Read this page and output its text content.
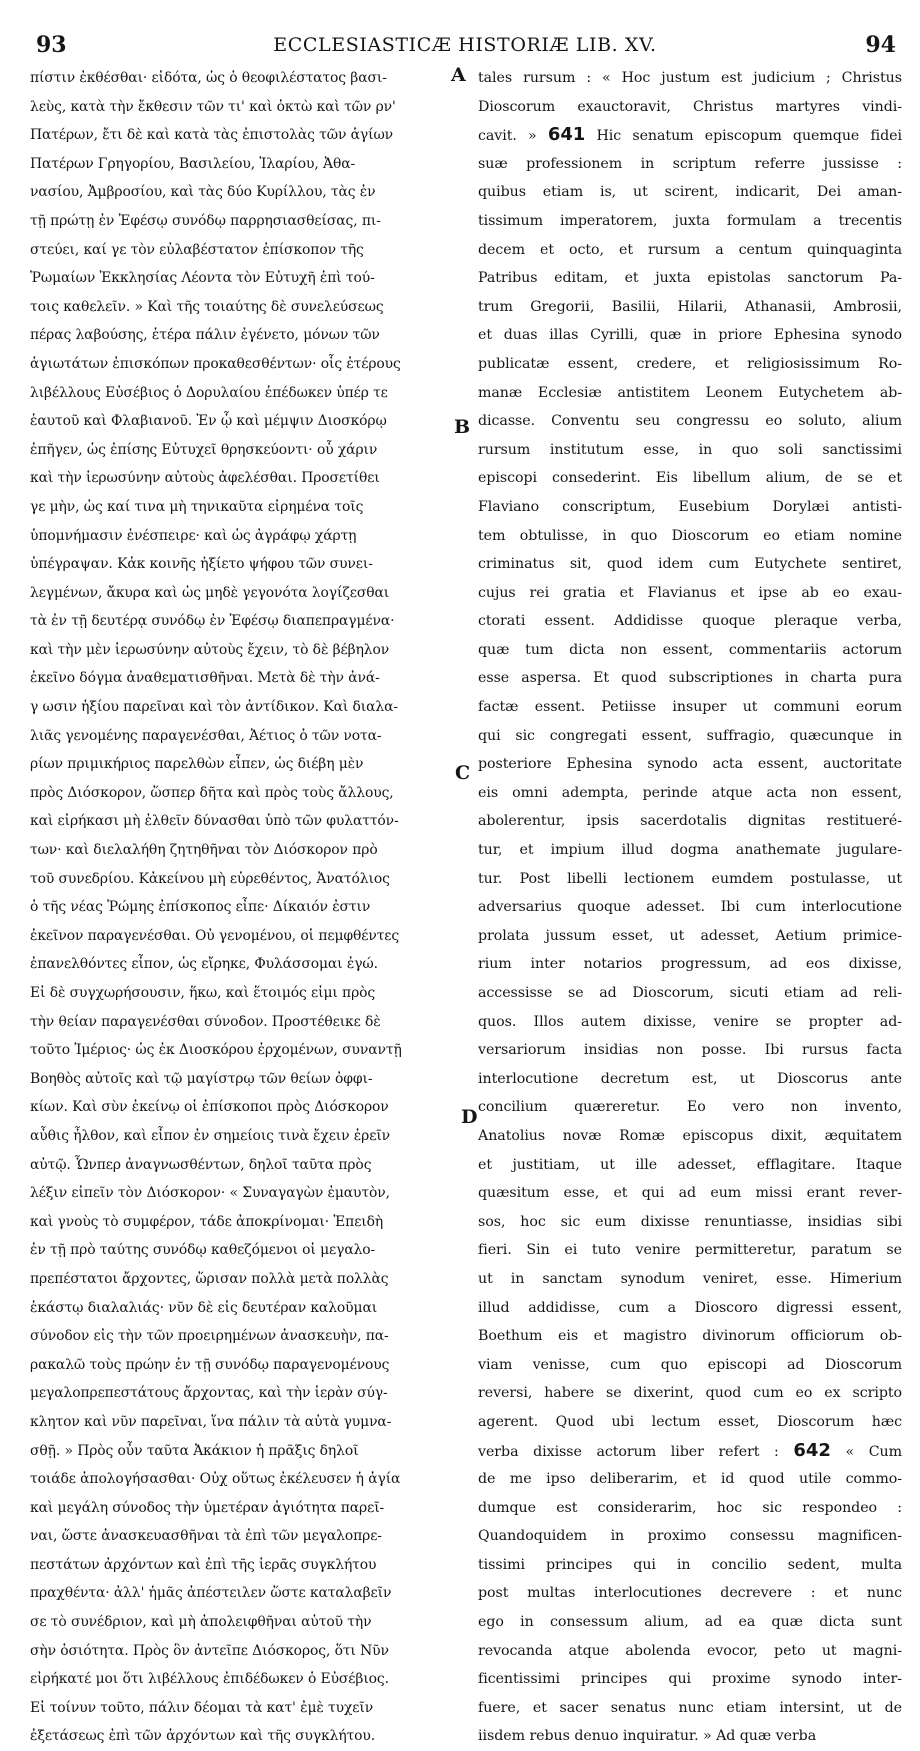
93	ECCLESIASTICÆ HISTORIÆ LIB. XV.	94
πίστιν ἐκθέσθαι· εἰδότα, ὡς ὁ θεοφιλέστατος βασι-
λεὺς, κατὰ τὴν ἔκθεσιν τῶν τι' καὶ ὀκτὼ καὶ τῶν ρν'
Πατέρων, ἔτι δὲ καὶ κατὰ τὰς ἐπιστολὰς τῶν ἁγίων
Πατέρων Γρηγορίου, Βασιλείου, Ἱλαρίου, Ἀθα-
νασίου, Ἀμβροσίου, καὶ τὰς δύο Κυρίλλου, τὰς ἐν
τῇ πρώτῃ ἐν Ἐφέσῳ συνόδῳ παρρησιασθείσας, πι-
στεύει, καί γε τὸν εὐλαβέστατον ἐπίσκοπον τῆς
Ῥωμαίων Ἐκκλησίας Λέοντα τὸν Εὐτυχῆ ἐπὶ τού-
τοις καθελεῖν. » Καὶ τῆς τοιαύτης δὲ συνελεύσεως
πέρας λαβούσης, ἑτέρα πάλιν ἐγένετο, μόνων τῶν
ἁγιωτάτων ἐπισκόπων προκαθεσθέντων· οἷς ἑτέρους
λιβέλλους Εὐσέβιος ὁ Δορυλαίου ἐπέδωκεν ὑπέρ τε
ἑαυτοῦ καὶ Φλαβιανοῦ. Ἐν ᾧ καὶ μέμψιν Διοσκόρῳ
ἐπῆγεν, ὡς ἐπίσης Εὐτυχεῖ θρησκεύοντι· οὗ χάριν
καὶ τὴν ἱερωσύνην αὐτοὺς ἀφελέσθαι. Προσετίθει
γε μὴν, ὡς καί τινα μὴ τηνικαῦτα εἰρημένα τοῖς
ὑπομνήμασιν ἐνέσπειρε· καὶ ὡς ἀγράφῳ χάρτῃ
ὑπέγραψαν. Κἀκ κοινῆς ἠξίετο ψήφου τῶν συνει-
λεγμένων, ἄκυρα καὶ ὡς μηδὲ γεγονότα λογίζεσθαι
τὰ ἐν τῇ δευτέρᾳ συνόδῳ ἐν Ἐφέσῳ διαπεπραγμένα·
καὶ τὴν μὲν ἱερωσύνην αὐτοὺς ἔχειν, τὸ δὲ βέβηλον
ἐκεῖνο δόγμα ἀναθεματισθῆναι. Μετὰ δὲ τὴν ἀνά-
γ ωσιν ἠξίου παρεῖναι καὶ τὸν ἀντίδικον. Καὶ διαλα-
λιᾶς γενομένης παραγενέσθαι, Ἀέτιος ὁ τῶν νοτα-
ρίων πριμικήριος παρελθὼν εἶπεν, ὡς διέβη μὲν
πρὸς Διόσκορον, ὥσπερ δῆτα καὶ πρὸς τοὺς ἄλλους,
καὶ εἰρήκασι μὴ ἐλθεῖν δύνασθαι ὑπὸ τῶν φυλαττόν-
των· καὶ διελαλήθη ζητηθῆναι τὸν Διόσκορον πρὸ
τοῦ συνεδρίου. Κἀκείνου μὴ εὑρεθέντος, Ἀνατόλιος
ὁ τῆς νέας Ῥώμης ἐπίσκοπος εἶπε· Δίκαιόν ἐστιν
ἐκεῖνον παραγενέσθαι. Οὐ γενομένου, οἱ πεμφθέντες
ἐπανελθόντες εἶπον, ὡς εἴρηκε, Φυλάσσομαι ἐγώ.
Εἰ δὲ συγχωρήσουσιν, ἥκω, καὶ ἕτοιμός εἰμι πρὸς
τὴν θείαν παραγενέσθαι σύνοδον. Προστέθεικε δὲ
τοῦτο Ἱμέριος· ὡς ἐκ Διοσκόρου ἐρχομένων, συναντῇ
Βοηθὸς αὐτοῖς καὶ τῷ μαγίστρῳ τῶν θείων ὀφφι-
κίων. Καὶ σὺν ἐκείνῳ οἱ ἐπίσκοποι πρὸς Διόσκορον
αὖθις ἦλθον, καὶ εἶπον ἐν σημείοις τινὰ ἔχειν ἐρεῖν
αὐτῷ. Ὧνπερ ἀναγνωσθέντων, δηλοῖ ταῦτα πρὸς
λέξιν εἰπεῖν τὸν Διόσκορον· « Συναγαγὼν ἐμαυτὸν,
καὶ γνοὺς τὸ συμφέρον, τάδε ἀποκρίνομαι· Ἐπειδὴ
ἐν τῇ πρὸ ταύτης συνόδῳ καθεζόμενοι οἱ μεγαλο-
πρεπέστατοι ἄρχοντες, ὥρισαν πολλὰ μετὰ πολλὰς
ἑκάστῳ διαλαλιάς· νῦν δὲ εἰς δευτέραν καλοῦμαι
σύνοδον εἰς τὴν τῶν προειρημένων ἀνασκευὴν, πα-
ρακαλῶ τοὺς πρώην ἐν τῇ συνόδῳ παραγενομένους
μεγαλοπρεπεστάτους ἄρχοντας, καὶ τὴν ἱερὰν σύγ-
κλητον καὶ νῦν παρεῖναι, ἵνα πάλιν τὰ αὐτὰ γυμνα-
σθῇ. » Πρὸς οὖν ταῦτα Ἀκάκιον ἡ πρᾶξις δηλοῖ
τοιάδε ἀπολογήσασθαι· Οὐχ οὕτως ἐκέλευσεν ἡ ἁγία
καὶ μεγάλη σύνοδος τὴν ὑμετέραν ἁγιότητα παρεῖ-
ναι, ὥστε ἀνασκευασθῆναι τὰ ἐπὶ τῶν μεγαλοπρε-
πεστάτων ἀρχόντων καὶ ἐπὶ τῆς ἱερᾶς συγκλήτου
πραχθέντα· ἀλλ' ἡμᾶς ἀπέστειλεν ὥστε καταλαβεῖν
σε τὸ συνέδριον, καὶ μὴ ἀπολειφθῆναι αὐτοῦ τὴν
σὴν ὁσιότητα. Πρὸς ὃν ἀντεῖπε Διόσκορος, ὅτι Νῦν
εἰρήκατέ μοι ὅτι λιβέλλους ἐπιδέδωκεν ὁ Εὐσέβιος.
Εἰ τοίνυν τοῦτο, πάλιν δέομαι τὰ κατ' ἐμὲ τυχεῖν
ἐξετάσεως ἐπὶ τῶν ἀρχόντων καὶ τῆς συγκλήτου.
A
B
C
D
tales rursum : « Hoc justum est judicium ; Christus
Dioscorum exauctoravit, Christus martyres vindi-
cavit. » 641 Hic senatum episcopum quemque fidei
suæ professionem in scriptum referre jussisse :
quibus etiam is, ut scirent, indicarit, Dei aman-
tissimum imperatorem, juxta formulam a trecentis
decem et octo, et rursum a centum quinquaginta
Patribus editam, et juxta epistolas sanctorum Pa-
trum Gregorii, Basilii, Hilarii, Athanasii, Ambrosii,
et duas illas Cyrilli, quæ in priore Ephesina synodo
publicatæ essent, credere, et religiosissimum Ro-
manæ Ecclesiæ antistitem Leonem Eutychetem ab-
dicasse. Conventu seu congressu eo soluto, alium
rursum institutum esse, in quo soli sanctissimi
episcopi consederint. Eis libellum alium, de se et
Flaviano conscriptum, Eusebium Dorylæi antisti-
tem obtulisse, in quo Dioscorum eo etiam nomine
criminatus sit, quod idem cum Eutychete sentiret,
cujus rei gratia et Flavianus et ipse ab eo exau-
ctorati essent. Addidisse quoque pleraque verba,
quæ tum dicta non essent, commentariis actorum
esse aspersa. Et quod subscriptiones in charta pura
factæ essent. Petiisse insuper ut communi eorum
qui sic congregati essent, suffragio, quæcunque in
posteriore Ephesina synodo acta essent, auctoritate
eis omni adempta, perinde atque acta non essent,
abolerentur, ipsis sacerdotalis dignitas restitueré-
tur, et impium illud dogma anathemate jugulare-
tur. Post libelli lectionem eumdem postulasse, ut
adversarius quoque adesset. Ibi cum interlocutione
prolata jussum esset, ut adesset, Aetium primice-
rium inter notarios progressum, ad eos dixisse,
accessisse se ad Dioscorum, sicuti etiam ad reli-
quos. Illos autem dixisse, venire se propter ad-
versariorum insidias non posse. Ibi rursus facta
interlocutione decretum est, ut Dioscorus ante
concilium quæreretur. Eo vero non invento,
Anatolius novæ Romæ episcopus dixit, æquitatem
et justitiam, ut ille adesset, efflagitare. Itaque
quæsitum esse, et qui ad eum missi erant rever-
sos, hoc sic eum dixisse renuntiasse, insidias sibi
fieri. Sin ei tuto venire permitteretur, paratum se
ut in sanctam synodum veniret, esse. Himerium
illud addidisse, cum a Dioscoro digressi essent,
Boethum eis et magistro divinorum officiorum ob-
viam venisse, cum quo episcopi ad Dioscorum
reversi, habere se dixerint, quod cum eo ex scripto
agerent. Quod ubi lectum esset, Dioscorum hæc
verba dixisse actorum liber refert : 642 « Cum
de me ipso deliberarim, et id quod utile commo-
dumque est considerarim, hoc sic respondeo :
Quandoquidem in proximo consessu magnificen-
tissimi principes qui in concilio sedent, multa
post multas interlocutiones decrevere : et nunc
ego in consessum alium, ad ea quæ dicta sunt
revocanda atque abolenda evocor, peto ut magni-
ficentissimi principes qui proxime synodo inter-
fuere, et sacer senatus nunc etiam intersint, ut de
iisdem rebus denuo inquiratur. » Ad quæ verba
